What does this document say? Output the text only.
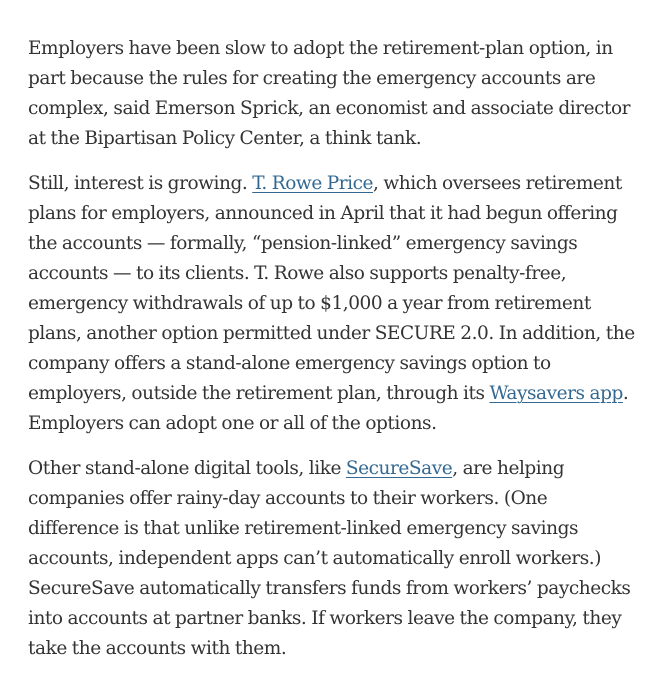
Employers have been slow to adopt the retirement-plan option, in part because the rules for creating the emergency accounts are complex, said Emerson Sprick, an economist and associate director at the Bipartisan Policy Center, a think tank.

Still, interest is growing. T. Rowe Price, which oversees retirement plans for employers, announced in April that it had begun offering the accounts — formally, “pension-linked” emergency savings accounts — to its clients. T. Rowe also supports penalty-free, emergency withdrawals of up to $1,000 a year from retirement plans, another option permitted under SECURE 2.0. In addition, the company offers a stand-alone emergency savings option to employers, outside the retirement plan, through its Waysavers app. Employers can adopt one or all of the options.

Other stand-alone digital tools, like SecureSave, are helping companies offer rainy-day accounts to their workers. (One difference is that unlike retirement-linked emergency savings accounts, independent apps can’t automatically enroll workers.) SecureSave automatically transfers funds from workers’ paychecks into accounts at partner banks. If workers leave the company, they take the accounts with them.
